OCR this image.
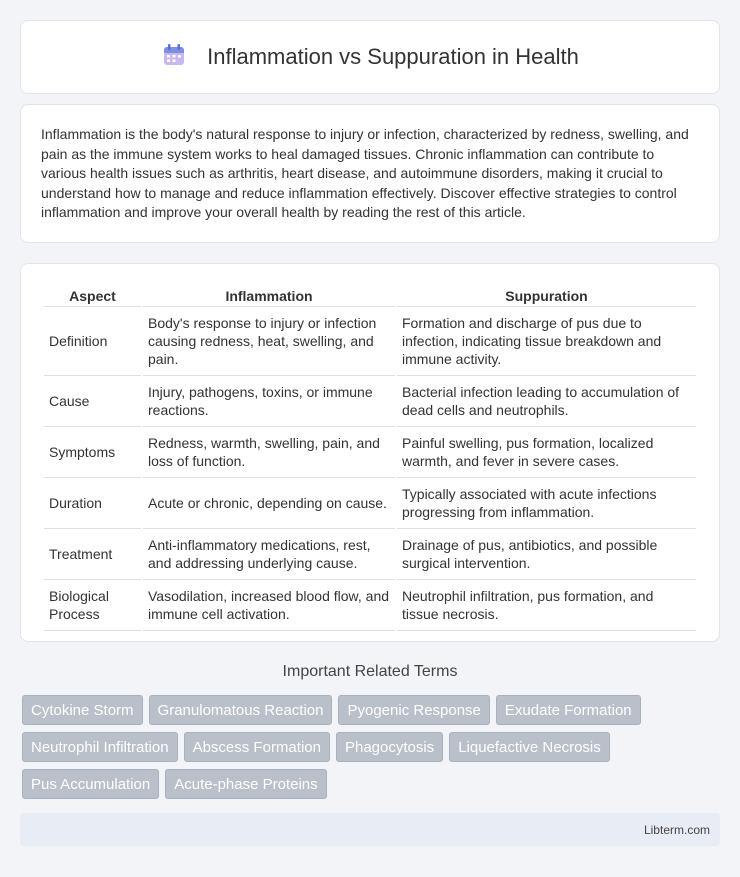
Inflammation vs Suppuration in Health

Inflammation is the body's natural response to injury or infection, characterized by redness, swelling, and pain as the immune system works to heal damaged tissues. Chronic inflammation can contribute to various health issues such as arthritis, heart disease, and autoimmune disorders, making it crucial to understand how to manage and reduce inflammation effectively. Discover effective strategies to control inflammation and improve your overall health by reading the rest of this article.

Aspect	Inflammation	Suppuration
Definition	Body's response to injury or infection causing redness, heat, swelling, and pain.	Formation and discharge of pus due to infection, indicating tissue breakdown and immune activity.
Cause	Injury, pathogens, toxins, or immune reactions.	Bacterial infection leading to accumulation of dead cells and neutrophils.
Symptoms	Redness, warmth, swelling, pain, and loss of function.	Painful swelling, pus formation, localized warmth, and fever in severe cases.
Duration	Acute or chronic, depending on cause.	Typically associated with acute infections progressing from inflammation.
Treatment	Anti-inflammatory medications, rest, and addressing underlying cause.	Drainage of pus, antibiotics, and possible surgical intervention.
Biological Process	Vasodilation, increased blood flow, and immune cell activation.	Neutrophil infiltration, pus formation, and tissue necrosis.
Important Related Terms
Cytokine Storm	Granulomatous Reaction	Pyogenic Response	Exudate Formation
Neutrophil Infiltration	Abscess Formation	Phagocytosis	Liquefactive Necrosis
Pus Accumulation	Acute-phase Proteins
Libterm.com
